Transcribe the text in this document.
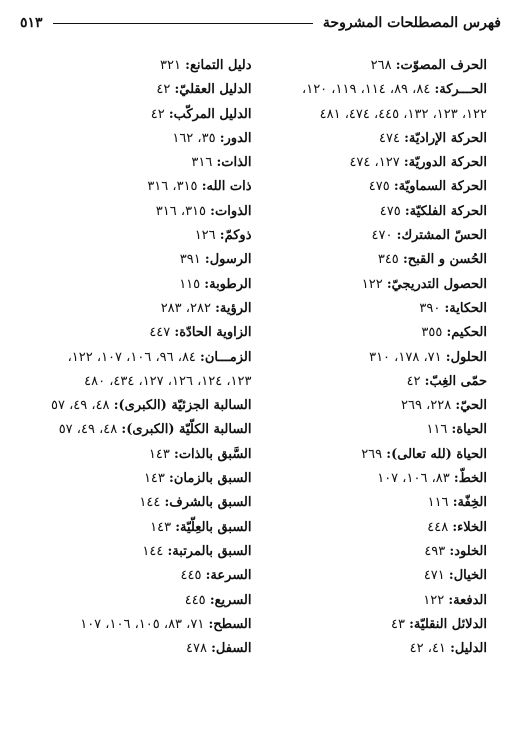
فهرس المصطلحات المشروحة
٥١٣
الحرف المصوّت: ٢٦٨
الحـــركة: ٨٤، ٨٩، ١١٤، ١١٩، ١٢٠،
١٢٢، ١٢٣، ١٣٢، ٤٤٥، ٤٧٤، ٤٨١
الحركة الإراديّة: ٤٧٤
الحركة الدوريّة: ١٢٧، ٤٧٤
الحركة السماويّة: ٤٧٥
الحركة الفلكيّة: ٤٧٥
الحسّ المشترك: ٤٧٠
الحُسن و القبح: ٣٤٥
الحصول التدريجيّ: ١٢٢
الحكاية: ٣٩٠
الحكيم: ٣٥٥
الحلول: ٧١، ١٧٨، ٣١٠
حمّى الغِبّ: ٤٢
الحيّ: ٢٢٨، ٢٦٩
الحياة: ١١٦
الحياة (لله تعالى): ٢٦٩
الخطّ: ٨٣، ١٠٦، ١٠٧
الخِفّة: ١١٦
الخلاء: ٤٤٨
الخلود: ٤٩٣
الخيال: ٤٧١
الدفعة: ١٢٢
الدلائل النقليّة: ٤٣
الدليل: ٤١، ٤٢
دليل التمانع: ٣٢١
الدليل العقليّ: ٤٢
الدليل المركّب: ٤٢
الدور: ٣٥، ١٦٢
الذات: ٣١٦
ذات الله: ٣١٥، ٣١٦
الذوات: ٣١٥، ٣١٦
ذوكمّ: ١٢٦
الرسول: ٣٩١
الرطوبة: ١١٥
الرؤية: ٢٨٢، ٢٨٣
الزاوية الحادّة: ٤٤٧
الزمـــان: ٨٤، ٩٦، ١٠٦، ١٠٧، ١٢٢،
١٢٣، ١٢٤، ١٢٦، ١٢٧، ٤٣٤، ٤٨٠
السالبة الجزئيّة (الكبرى): ٤٨، ٤٩، ٥٧
السالبة الكلّيّة (الكبرى): ٤٨، ٤٩، ٥٧
السَّبق بالذات: ١٤٣
السبق بالزمان: ١٤٣
السبق بالشرف: ١٤٤
السبق بالعِلّيّة: ١٤٣
السبق بالمرتبة: ١٤٤
السرعة: ٤٤٥
السريع: ٤٤٥
السطح: ٧١، ٨٣، ١٠٥، ١٠٦، ١٠٧
السفل: ٤٧٨
